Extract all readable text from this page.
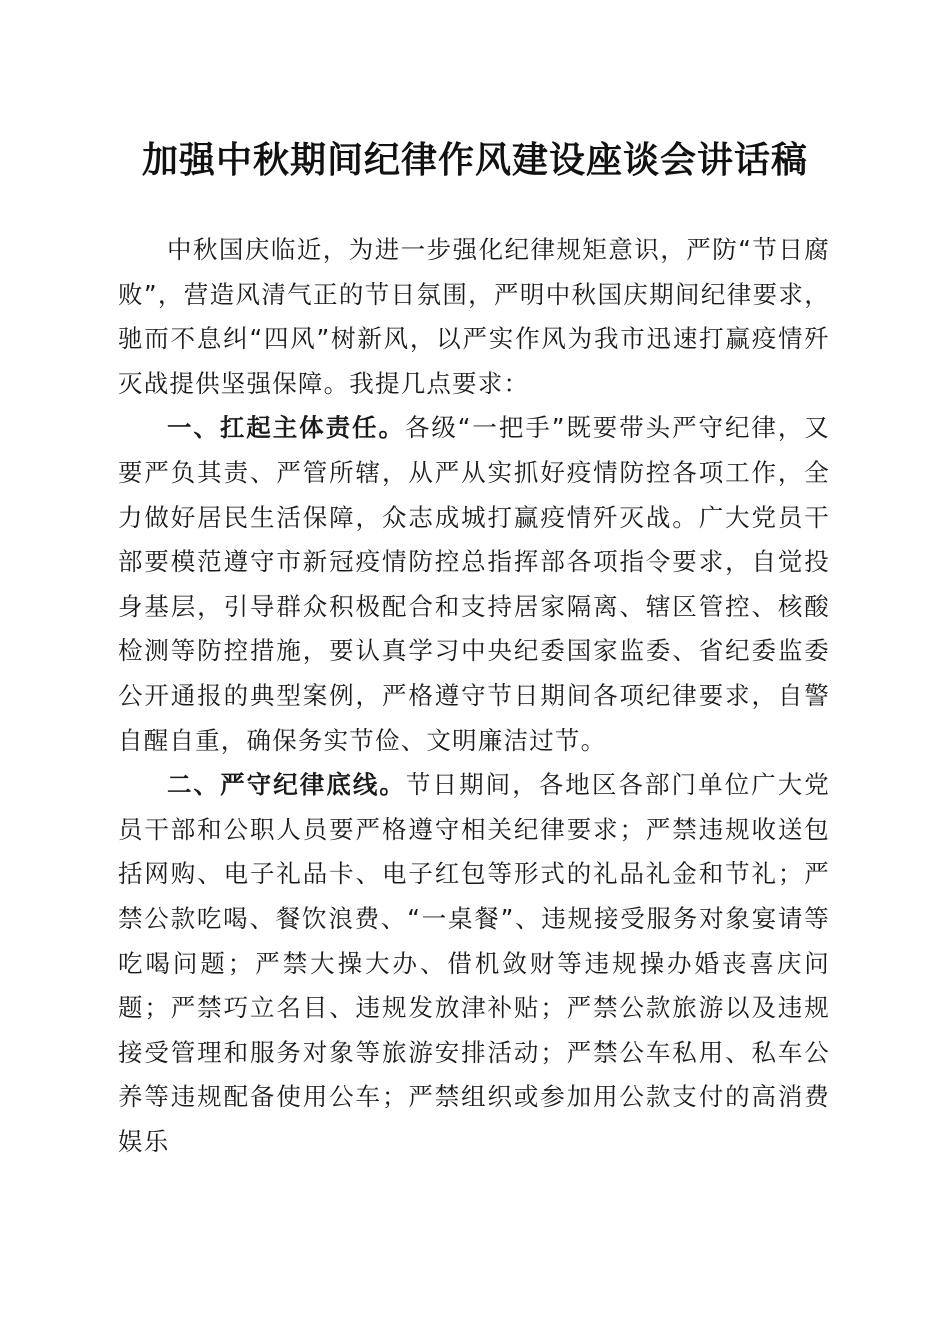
加强中秋期间纪律作风建设座谈会讲话稿

中秋国庆临近，为进一步强化纪律规矩意识，严防“节日腐败”，营造风清气正的节日氛围，严明中秋国庆期间纪律要求，驰而不息纠“四风”树新风，以严实作风为我市迅速打赢疫情歼灭战提供坚强保障。我提几点要求：

一、扛起主体责任。各级“一把手”既要带头严守纪律，又要严负其责、严管所辖，从严从实抓好疫情防控各项工作，全力做好居民生活保障，众志成城打赢疫情歼灭战。广大党员干部要模范遵守市新冠疫情防控总指挥部各项指令要求，自觉投身基层，引导群众积极配合和支持居家隔离、辖区管控、核酸检测等防控措施，要认真学习中央纪委国家监委、省纪委监委公开通报的典型案例，严格遵守节日期间各项纪律要求，自警自醒自重，确保务实节俭、文明廉洁过节。

二、严守纪律底线。节日期间，各地区各部门单位广大党员干部和公职人员要严格遵守相关纪律要求；严禁违规收送包括网购、电子礼品卡、电子红包等形式的礼品礼金和节礼；严禁公款吃喝、餐饮浪费、“一桌餐”、违规接受服务对象宴请等吃喝问题；严禁大操大办、借机敛财等违规操办婚丧喜庆问题；严禁巧立名目、违规发放津补贴；严禁公款旅游以及违规接受管理和服务对象等旅游安排活动；严禁公车私用、私车公养等违规配备使用公车；严禁组织或参加用公款支付的高消费娱乐
